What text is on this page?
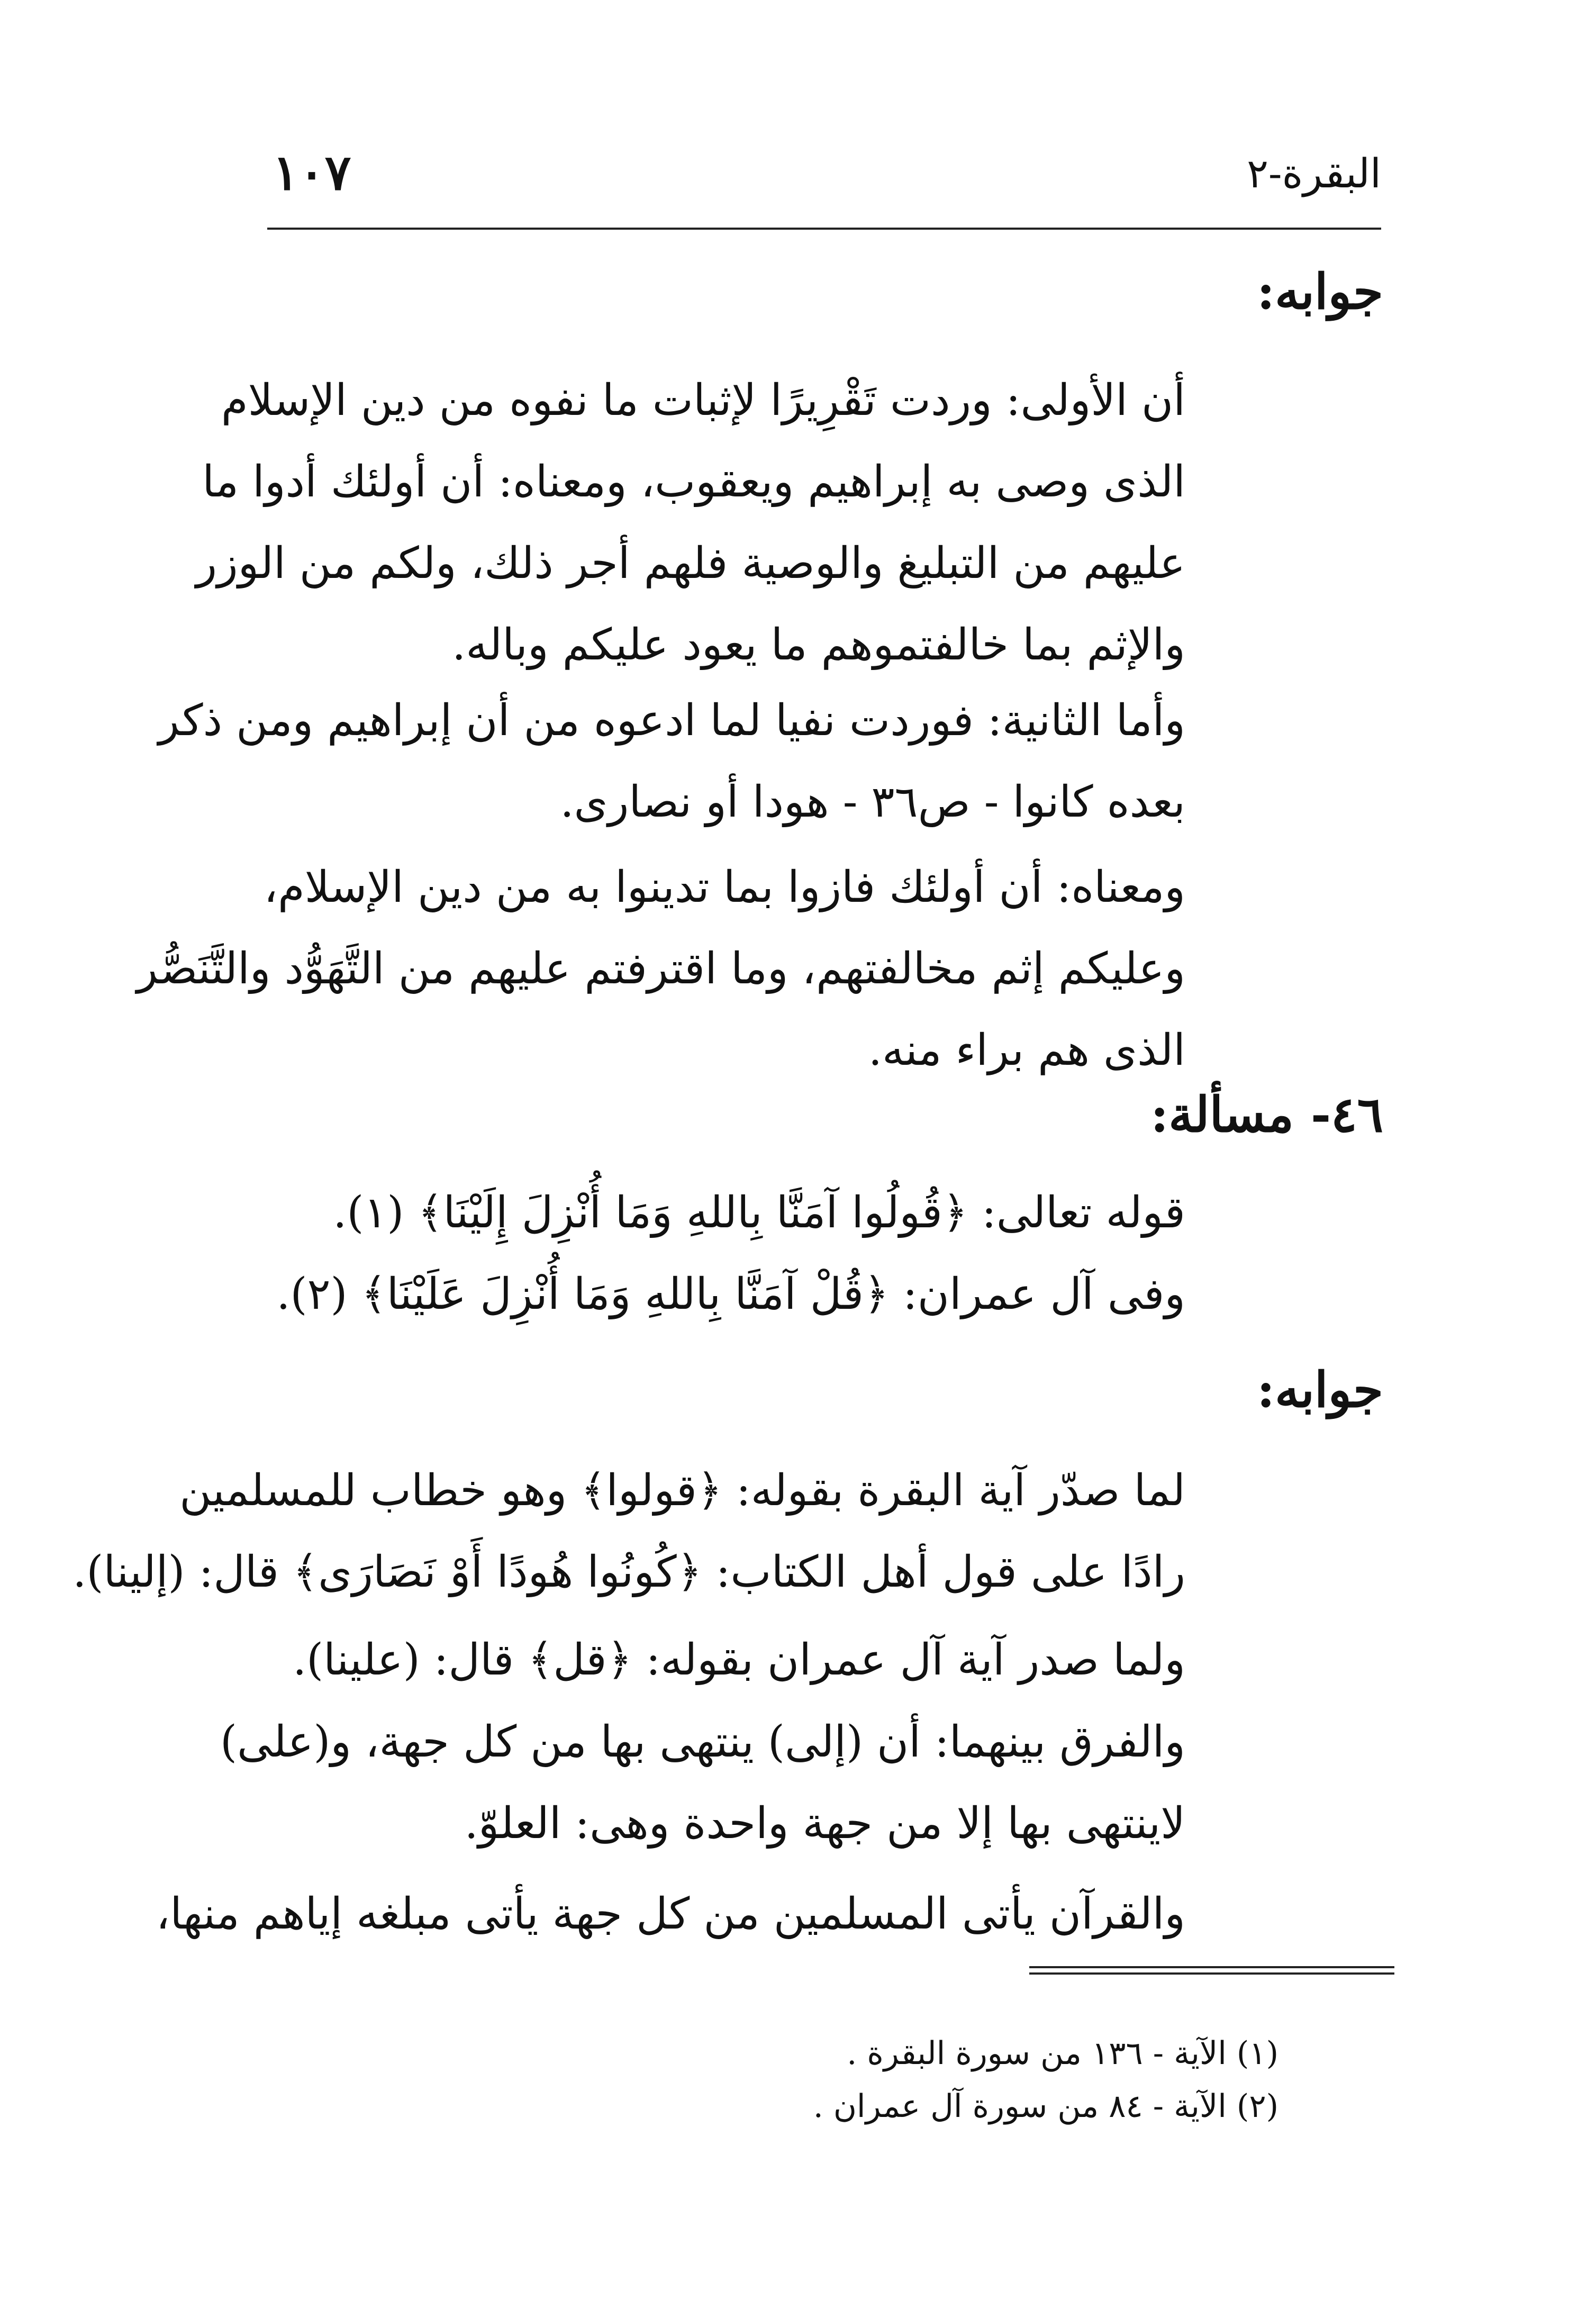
البقرة-٢
١٠٧
جوابه:
أن الأولى: وردت تَقْرِيرًا لإثبات ما نفوه من دين الإسلام
الذى وصى به إبراهيم ويعقوب، ومعناه: أن أولئك أدوا ما
عليهم من التبليغ والوصية فلهم أجر ذلك، ولكم من الوزر
والإثم بما خالفتموهم ما يعود عليكم وباله.
وأما الثانية: فوردت نفيا لما ادعوه من أن إبراهيم ومن ذكر
بعده كانوا - ص٣٦ - هودا أو نصارى.
ومعناه: أن أولئك فازوا بما تدينوا به من دين الإسلام،
وعليكم إثم مخالفتهم، وما اقترفتم عليهم من التَّهَوُّد والتَّنَصُّر
الذى هم براء منه.
٤٦- مسألة:
قوله تعالى: ﴿قُولُوا آمَنَّا بِاللهِ وَمَا أُنْزِلَ إِلَيْنَا﴾ (١).
وفى آل عمران: ﴿قُلْ آمَنَّا بِاللهِ وَمَا أُنْزِلَ عَلَيْنَا﴾ (٢).
جوابه:
لما صدّر آية البقرة بقوله: ﴿قولوا﴾ وهو خطاب للمسلمين
رادًا على قول أهل الكتاب: ﴿كُونُوا هُودًا أَوْ نَصَارَى﴾ قال: (إلينا).
ولما صدر آية آل عمران بقوله: ﴿قل﴾ قال: (علينا).
والفرق بينهما: أن (إلى) ينتهى بها من كل جهة، و(على)
لاينتهى بها إلا من جهة واحدة وهى: العلوّ.
والقرآن يأتى المسلمين من كل جهة يأتى مبلغه إياهم منها،
(١) الآية - ١٣٦ من سورة البقرة .
(٢) الآية - ٨٤ من سورة آل عمران .
